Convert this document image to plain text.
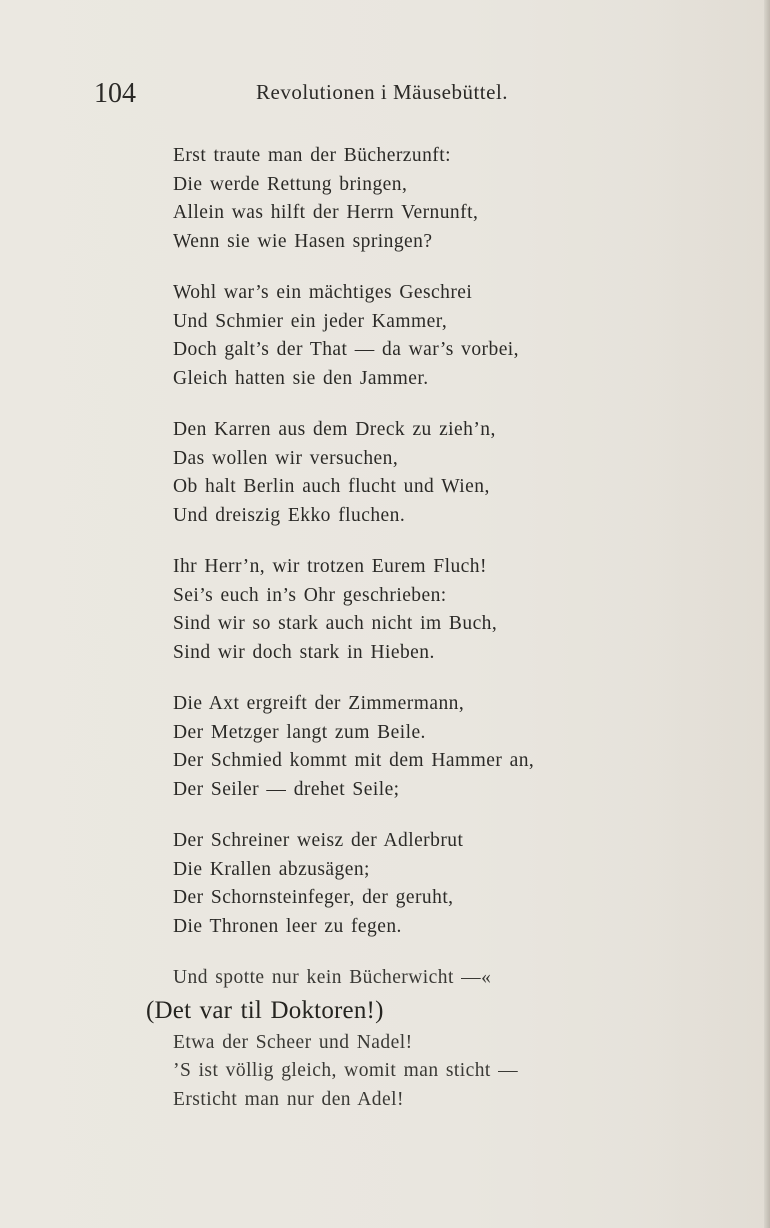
104	Revolutionen i Mäusebüttel.
Erst traute man der Bücherzunft:
Die werde Rettung bringen,
Allein was hilft der Herrn Vernunft,
Wenn sie wie Hasen springen?
Wohl war’s ein mächtiges Geschrei
Und Schmier ein jeder Kammer,
Doch galt’s der That — da war’s vorbei,
Gleich hatten sie den Jammer.
Den Karren aus dem Dreck zu zieh’n,
Das wollen wir versuchen,
Ob halt Berlin auch flucht und Wien,
Und dreiszig Ekko fluchen.
Ihr Herr’n, wir trotzen Eurem Fluch!
Sei’s euch in’s Ohr geschrieben:
Sind wir so stark auch nicht im Buch,
Sind wir doch stark in Hieben.
Die Axt ergreift der Zimmermann,
Der Metzger langt zum Beile.
Der Schmied kommt mit dem Hammer an,
Der Seiler — drehet Seile;
Der Schreiner weisz der Adlerbrut
Die Krallen abzusägen;
Der Schornsteinfeger, der geruht,
Die Thronen leer zu fegen.
Und spotte nur kein Bücherwicht —«
(Det var til Doktoren!)
Etwa der Scheer und Nadel!
’S ist völlig gleich, womit man sticht —
Ersticht man nur den Adel!
